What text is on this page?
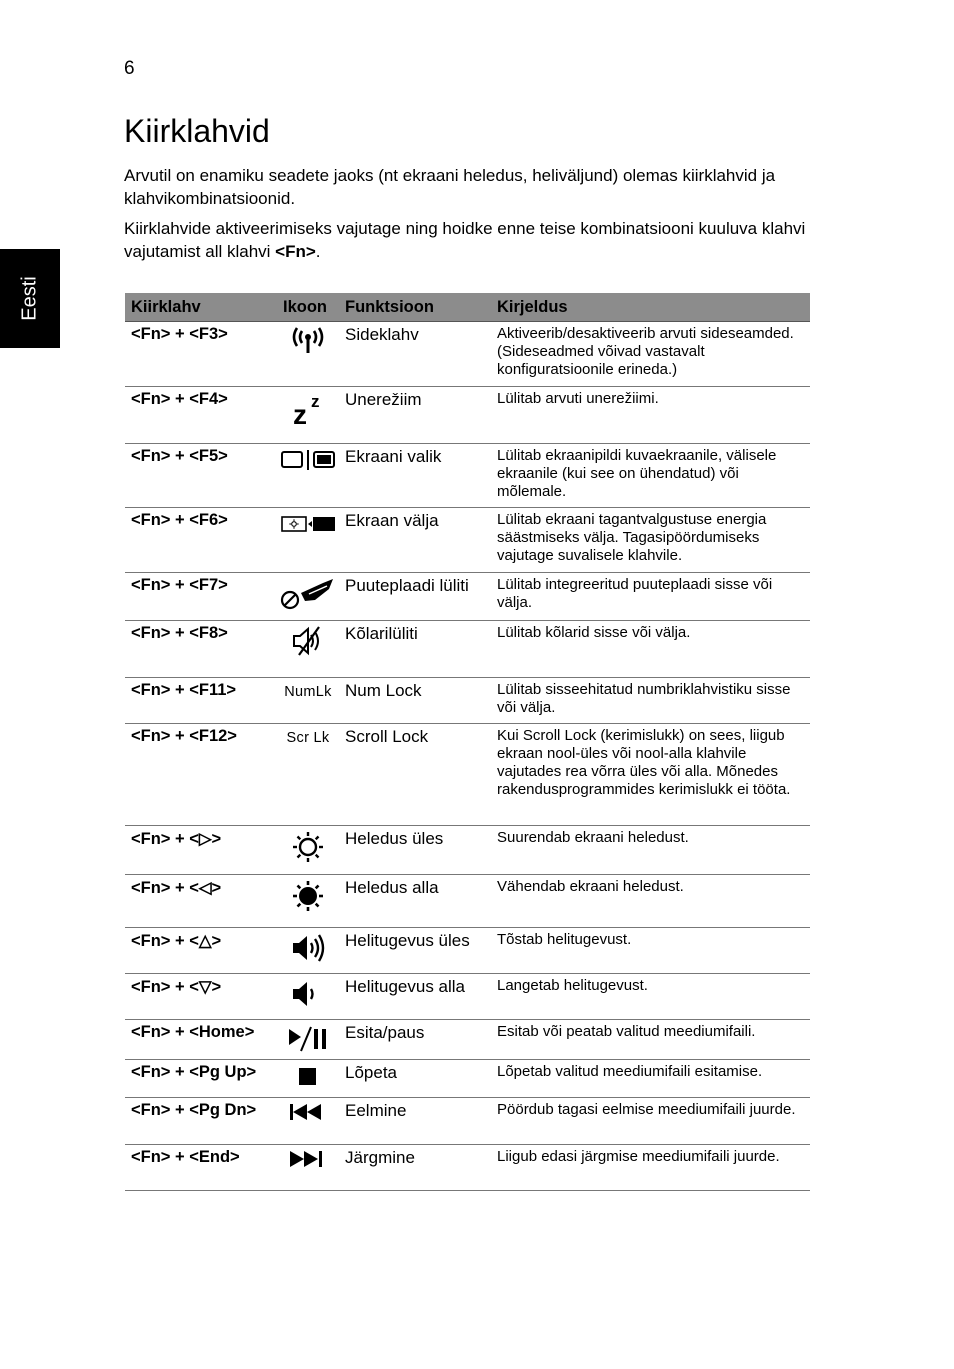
6
Eesti
Kiirklahvid

Arvutil on enamiku seadete jaoks (nt ekraani heledus, heliväljund) olemas kiirklahvid ja klahvikombinatsioonid.

Kiirklahvide aktiveerimiseks vajutage ning hoidke enne teise kombinatsiooni kuuluva klahvi vajutamist all klahvi <Fn>.

Kiirklahv	Ikoon	Funktsioon	Kirjeldus
<Fn> + <F3>		Sideklahv	Aktiveerib/desaktiveerib arvuti sideseamded. (Sideseadmed võivad vastavalt konfiguratsioonile erineda.)
<Fn> + <F4>	z z	Unerežiim	Lülitab arvuti unerežiimi.
<Fn> + <F5>		Ekraani valik	Lülitab ekraanipildi kuvaekraanile, välisele ekraanile (kui see on ühendatud) või mõlemale.
<Fn> + <F6>		Ekraan välja	Lülitab ekraani tagantvalgustuse energia säästmiseks välja. Tagasipöördumiseks vajutage suvalisele klahvile.
<Fn> + <F7>		Puuteplaadi lüliti	Lülitab integreeritud puuteplaadi sisse või välja.
<Fn> + <F8>		Kõlarilüliti	Lülitab kõlarid sisse või välja.
<Fn> + <F11>	NumLk	Num Lock	Lülitab sisseehitatud numbriklahvistiku sisse või välja.
<Fn> + <F12>	Scr Lk	Scroll Lock	Kui Scroll Lock (kerimislukk) on sees, liigub ekraan nool-üles või nool-alla klahvile vajutades rea võrra üles või alla. Mõnedes rakendusprogrammides kerimislukk ei tööta.
<Fn> + <▷>		Heledus üles	Suurendab ekraani heledust.
<Fn> + <◁>		Heledus alla	Vähendab ekraani heledust.
<Fn> + <△>		Helitugevus üles	Tõstab helitugevust.
<Fn> + <▽>		Helitugevus alla	Langetab helitugevust.
<Fn> + <Home>		Esita/paus	Esitab või peatab valitud meediumifaili.
<Fn> + <Pg Up>		Lõpeta	Lõpetab valitud meediumifaili esitamise.
<Fn> + <Pg Dn>		Eelmine	Pöördub tagasi eelmise meediumifaili juurde.
<Fn> + <End>		Järgmine	Liigub edasi järgmise meediumifaili juurde.
